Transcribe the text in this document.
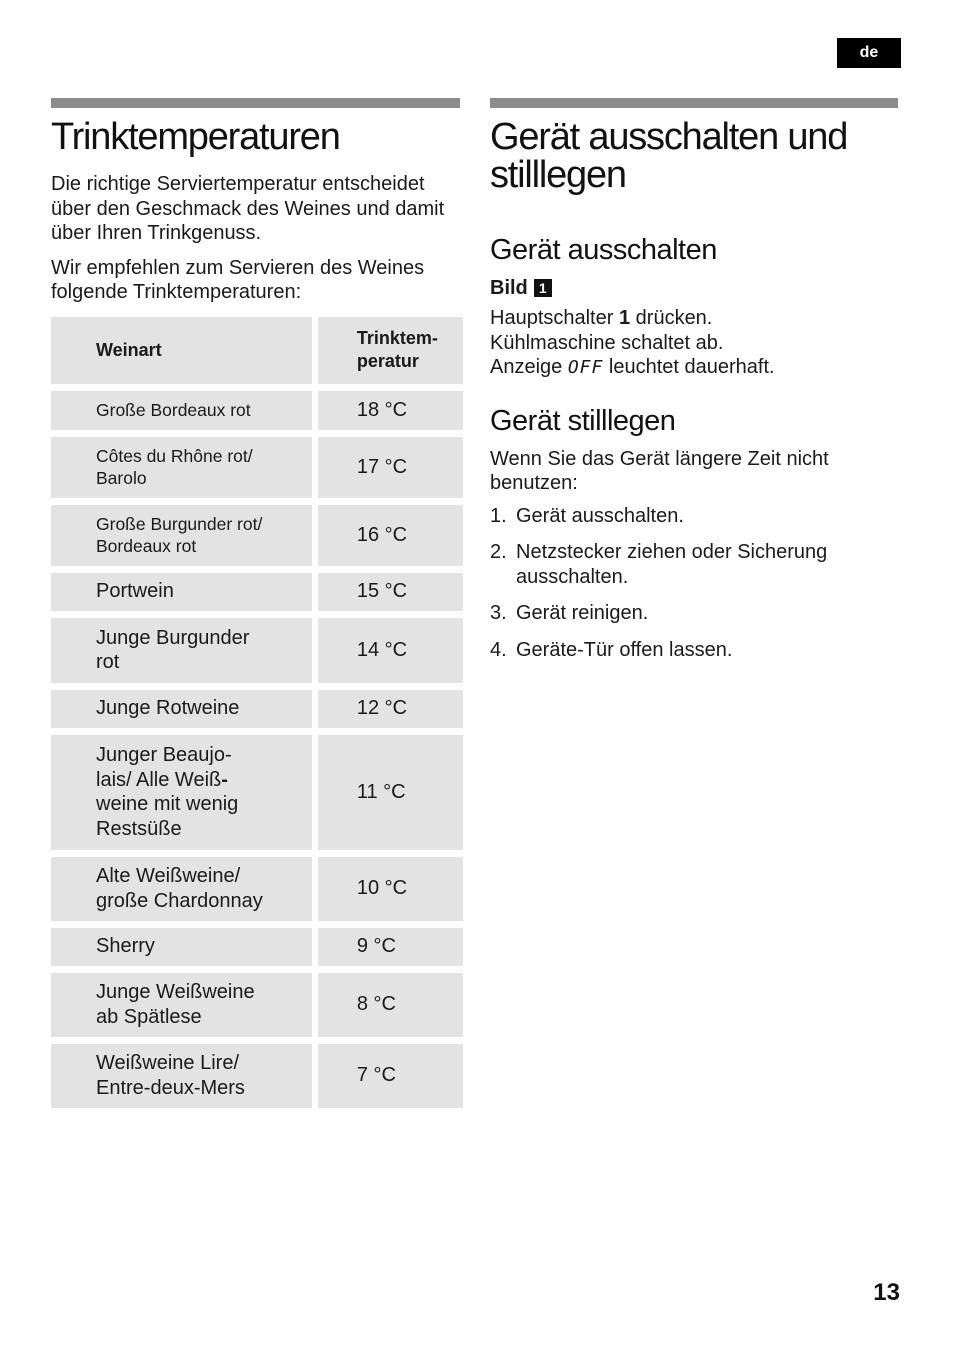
de
Trinktemperaturen

Die richtige Serviertemperatur entscheidet über den Geschmack des Weines und damit über Ihren Trinkgenuss.

Wir empfehlen zum Servieren des Weines folgende Trinktemperaturen:

Weinart	Trinktem-
peratur
Große Bordeaux rot	18 °C
Côtes du Rhône rot/
Barolo	17 °C
Große Burgunder rot/
Bordeaux rot	16 °C
Portwein	15 °C
Junge Burgunder
rot	14 °C
Junge Rotweine	12 °C
Junger Beaujo-
lais/ Alle Weiß-
weine mit wenig
Restsüße	11 °C
Alte Weißweine/
große Chardonnay	10 °C
Sherry	9 °C
Junge Weißweine
ab Spätlese	8 °C
Weißweine Lire/
Entre-deux-Mers	7 °C
Gerät ausschalten und
stilllegen
Gerät ausschalten
Bild 1

Hauptschalter 1 drücken.

Kühlmaschine schaltet ab.

Anzeige OFF leuchtet dauerhaft.

Gerät stilllegen

Wenn Sie das Gerät längere Zeit nicht benutzen:

1. Gerät ausschalten.
2. Netzstecker ziehen oder Sicherung ausschalten.
3. Gerät reinigen.
4. Geräte-Tür offen lassen.
13
